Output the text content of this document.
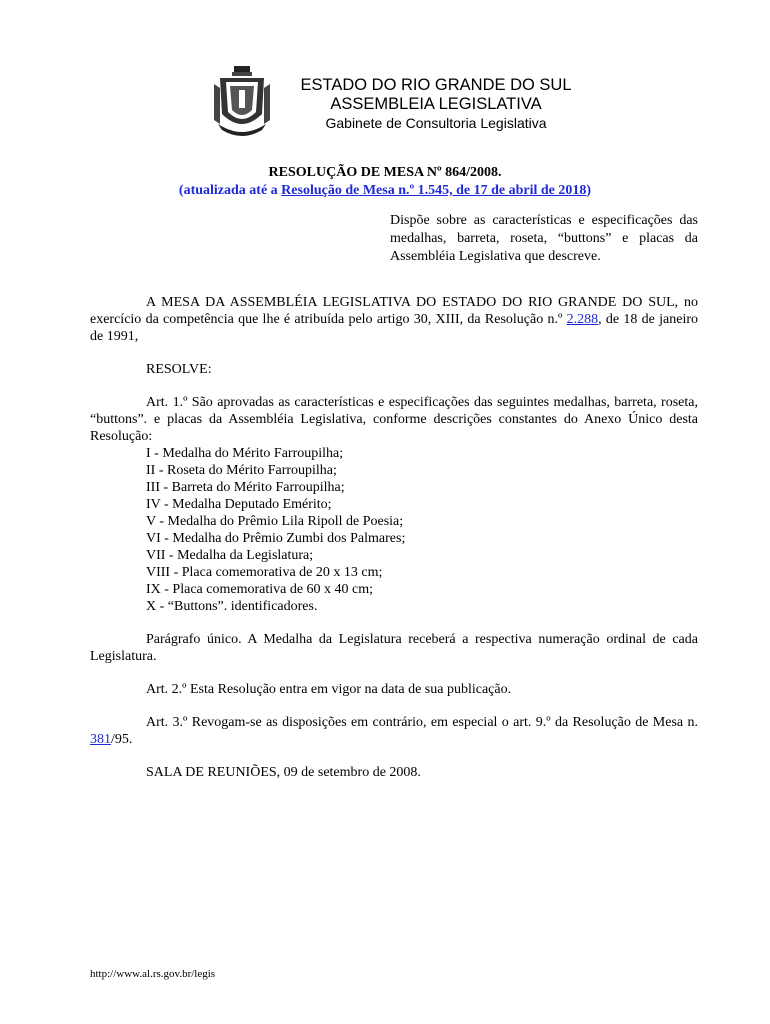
ESTADO DO RIO GRANDE DO SUL
ASSEMBLEIA LEGISLATIVA
Gabinete de Consultoria Legislativa
RESOLUÇÃO DE MESA Nº 864/2008.
(atualizada até a Resolução de Mesa n.º 1.545, de 17 de abril de 2018)
Dispõe sobre as características e especificações das medalhas, barreta, roseta, “buttons” e placas da Assembléia Legislativa que descreve.

A MESA DA ASSEMBLÉIA LEGISLATIVA DO ESTADO DO RIO GRANDE DO SUL, no exercício da competência que lhe é atribuída pelo artigo 30, XIII, da Resolução n.º 2.288, de 18 de janeiro de 1991,

RESOLVE:

Art. 1.º São aprovadas as características e especificações das seguintes medalhas, barreta, roseta, “buttons”. e placas da Assembléia Legislativa, conforme descrições constantes do Anexo Único desta Resolução:

I - Medalha do Mérito Farroupilha;
II - Roseta do Mérito Farroupilha;
III - Barreta do Mérito Farroupilha;
IV - Medalha Deputado Emérito;
V - Medalha do Prêmio Lila Ripoll de Poesia;
VI - Medalha do Prêmio Zumbi dos Palmares;
VII - Medalha da Legislatura;
VIII - Placa comemorativa de 20 x 13 cm;
IX - Placa comemorativa de 60 x 40 cm;
X - “Buttons”. identificadores.

Parágrafo único. A Medalha da Legislatura receberá a respectiva numeração ordinal de cada Legislatura.

Art. 2.º Esta Resolução entra em vigor na data de sua publicação.

Art. 3.º Revogam-se as disposições em contrário, em especial o art. 9.º da Resolução de Mesa n. 381/95.

SALA DE REUNIÕES, 09 de setembro de 2008.

http://www.al.rs.gov.br/legis
